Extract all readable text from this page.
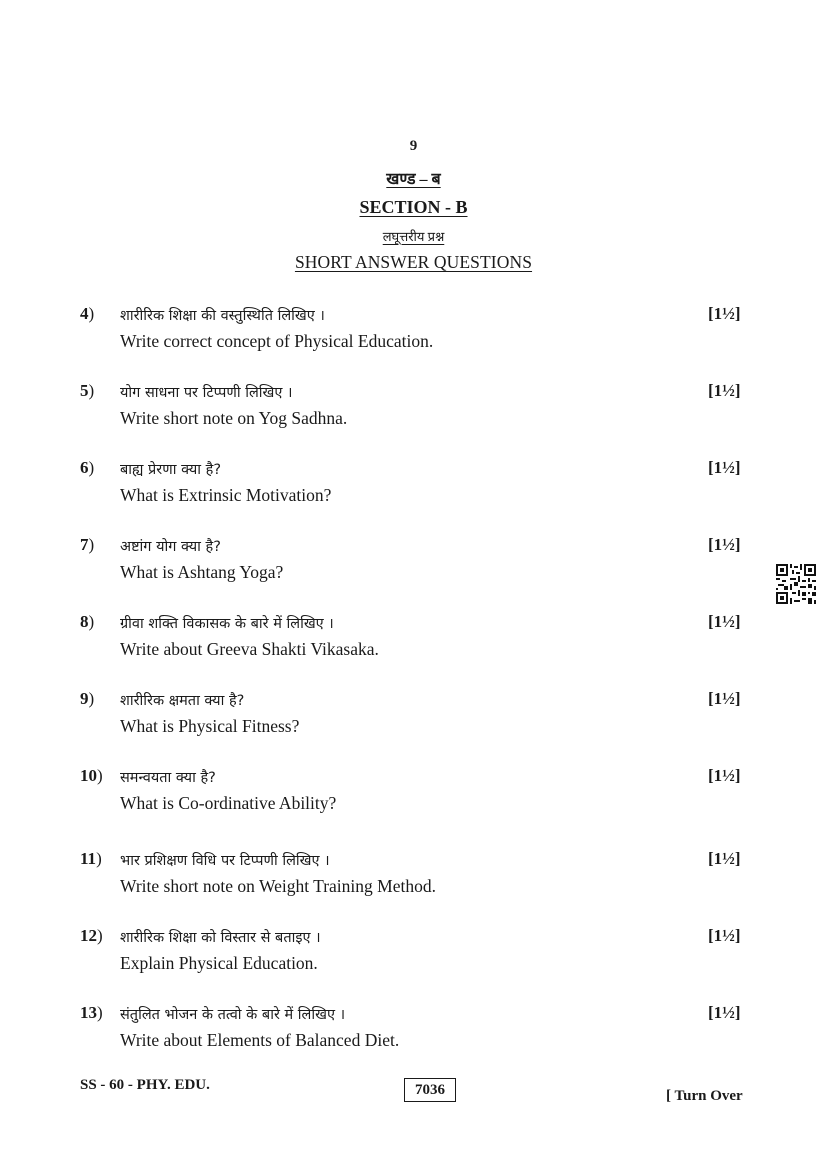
9
खण्ड – ब
SECTION - B
लघूत्तरीय प्रश्न
SHORT ANSWER QUESTIONS
4) शारीरिक शिक्षा की वस्तुस्थिति लिखिए ।
Write correct concept of Physical Education.
[1½]
5) योग साधना पर टिप्पणी लिखिए ।
Write short note on Yog Sadhna.
[1½]
6) बाह्य प्रेरणा क्या है?
What is Extrinsic Motivation?
[1½]
7) अष्टांग योग क्या है?
What is Ashtang Yoga?
[1½]
8) ग्रीवा शक्ति विकासक के बारे में लिखिए ।
Write about Greeva Shakti Vikasaka.
[1½]
9) शारीरिक क्षमता क्या है?
What is Physical Fitness?
[1½]
10) समन्वयता क्या है?
What is Co-ordinative Ability?
[1½]
11) भार प्रशिक्षण विधि पर टिप्पणी लिखिए ।
Write short note on Weight Training Method.
[1½]
12) शारीरिक शिक्षा को विस्तार से बताइए ।
Explain Physical Education.
[1½]
13) संतुलित भोजन के तत्वो के बारे में लिखिए ।
Write about Elements of Balanced Diet.
[1½]
SS - 60 - PHY. EDU.	7036	[ Turn Over
